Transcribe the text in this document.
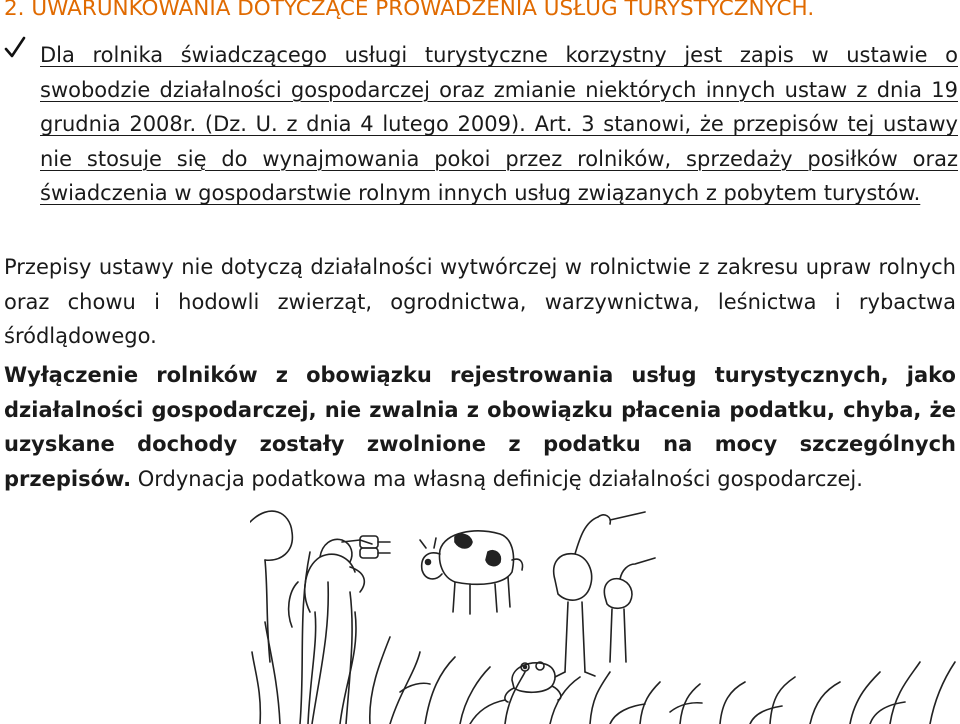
2. UWARUNKOWANIA DOTYCZĄCE PROWADZENIA USŁUG TURYSTYCZNYCH.
Dla rolnika świadczącego usługi turystyczne korzystny jest zapis w ustawie o swobodzie działalności gospodarczej oraz zmianie niektórych innych ustaw z dnia 19 grudnia 2008r. (Dz. U. z dnia 4 lutego 2009). Art. 3 stanowi, że przepisów tej ustawy nie stosuje się do wynajmowania pokoi przez rolników, sprzedaży posiłków oraz świadczenia w gospodarstwie rolnym innych usług związanych z pobytem turystów.
Przepisy ustawy nie dotyczą działalności wytwórczej w rolnictwie z zakresu upraw rolnych oraz chowu i hodowli zwierząt, ogrodnictwa, warzywnictwa, leśnictwa i rybactwa śródlądowego.
Wyłączenie rolników z obowiązku rejestrowania usług turystycznych, jako działalności gospodarczej, nie zwalnia z obowiązku płacenia podatku, chyba, że uzyskane dochody zostały zwolnione z podatku na mocy szczególnych przepisów. Ordynacja podatkowa ma własną definicję działalności gospodarczej.
